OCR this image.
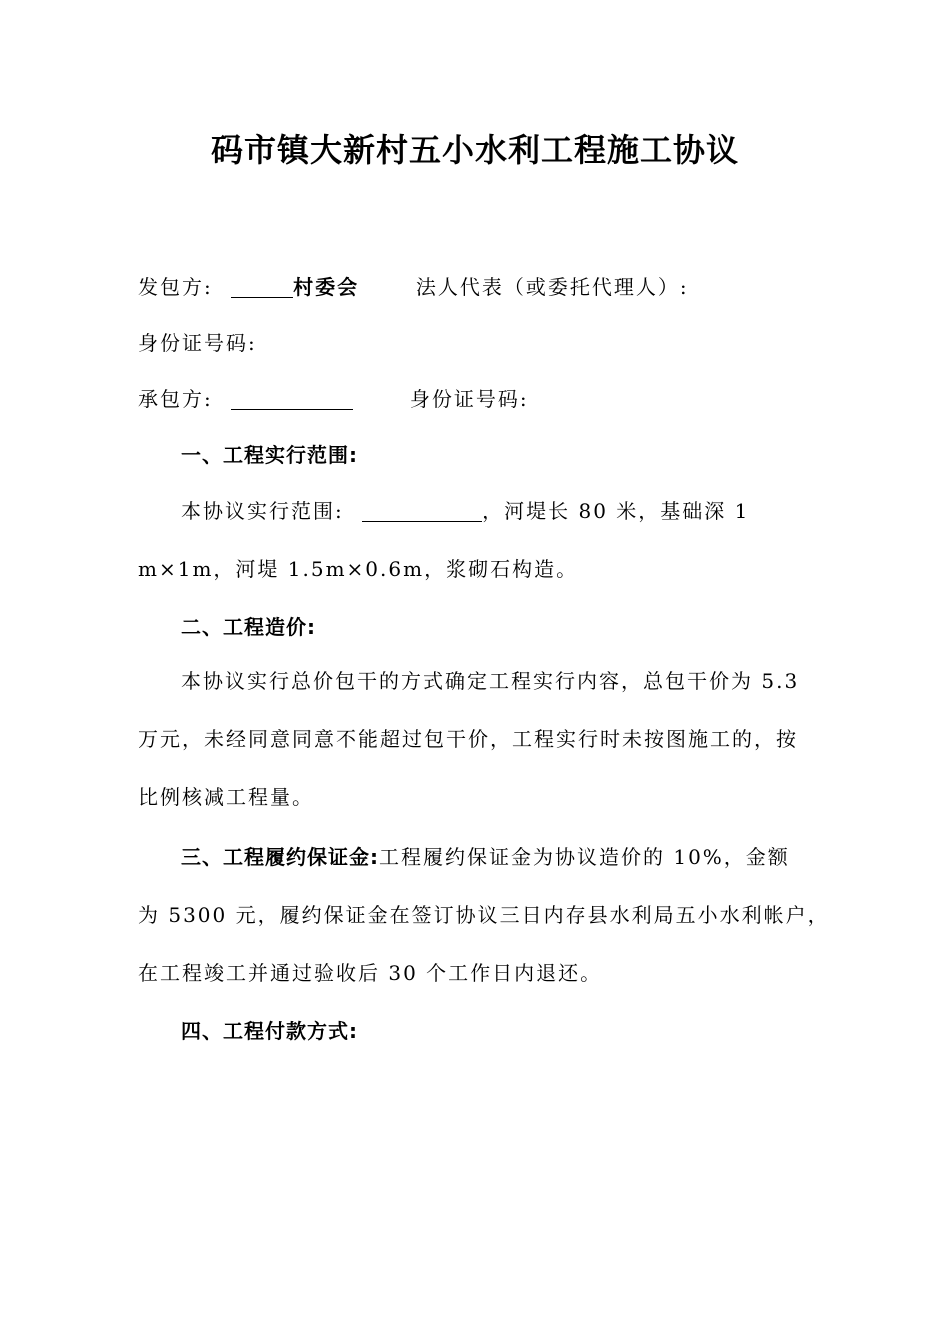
码市镇大新村五小水利工程施工协议
发包方:	村委会	法人代表（或委托代理人）:
身份证号码:
承包方:	身份证号码:
一、工程实行范围:
本协议实行范围:	，河堤长 80 米，基础深 1
m×1m，河堤 1.5m×0.6m，浆砌石构造。
二、工程造价:
本协议实行总价包干的方式确定工程实行内容，总包干价为 5.3
万元，未经同意同意不能超过包干价，工程实行时未按图施工的，按
比例核减工程量。
三、工程履约保证金:工程履约保证金为协议造价的 10%，金额
为 5300 元，履约保证金在签订协议三日内存县水利局五小水利帐户，
在工程竣工并通过验收后 30 个工作日内退还。
四、工程付款方式:
